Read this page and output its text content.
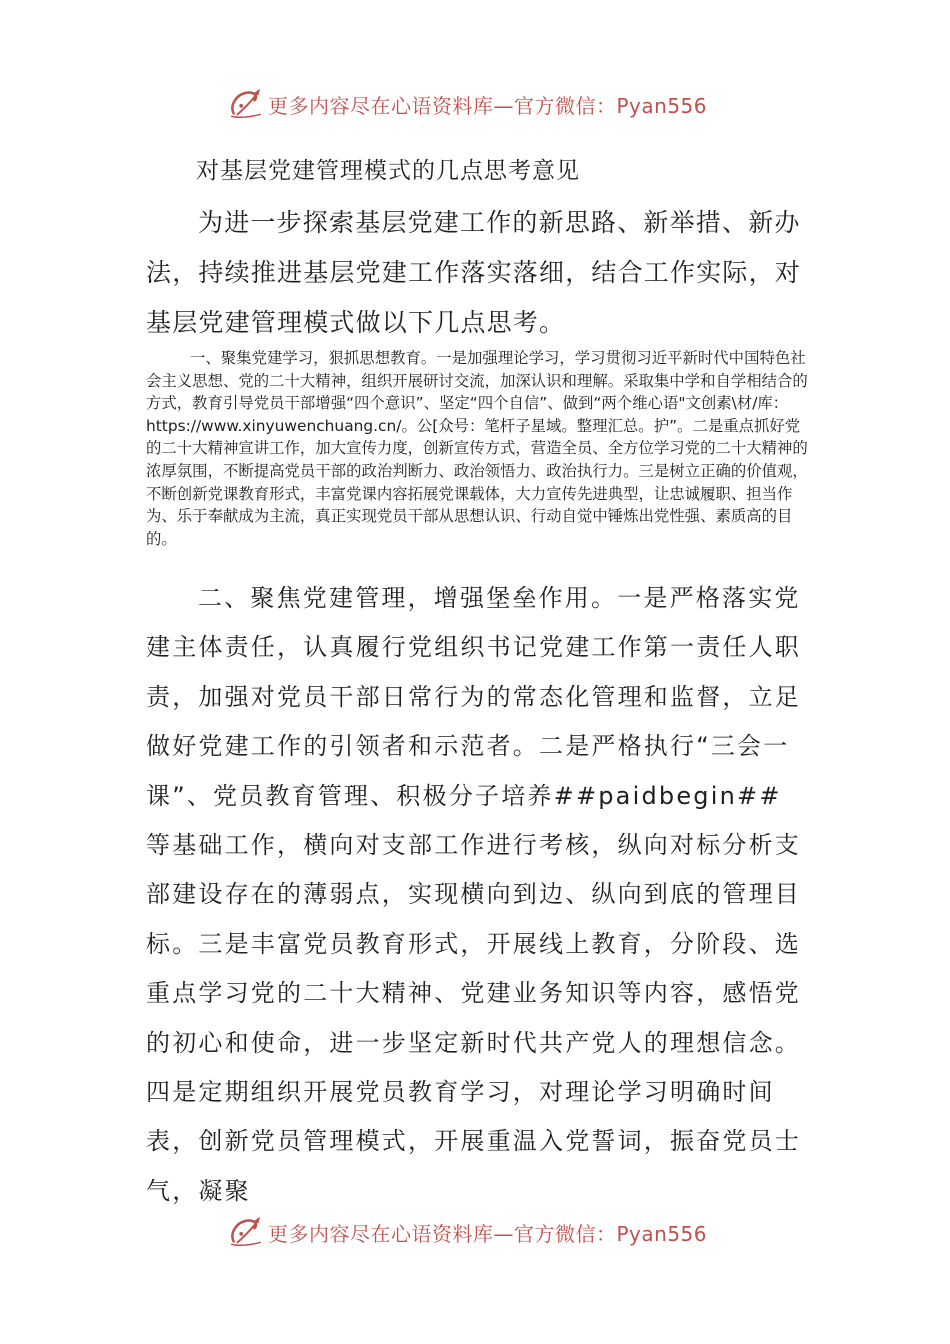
更多内容尽在心语资料库—官方微信：Pyan556
对基层党建管理模式的几点思考意见

为进一步探索基层党建工作的新思路、新举措、新办法，持续推进基层党建工作落实落细，结合工作实际，对基层党建管理模式做以下几点思考。

一、聚集党建学习，狠抓思想教育。一是加强理论学习，学习贯彻习近平新时代中国特色社会主义思想、党的二十大精神，组织开展研讨交流，加深认识和理解。采取集中学和自学相结合的方式，教育引导党员干部增强“四个意识”、坚定“四个自信”、做到“两个维心语"文创素\材/库：https://www.xinyuwenchuang.cn/。公[众号：笔杆子星域。整理汇总。护”。二是重点抓好党的二十大精神宣讲工作，加大宣传力度，创新宣传方式，营造全员、全方位学习党的二十大精神的浓厚氛围，不断提高党员干部的政治判断力、政治领悟力、政治执行力。三是树立正确的价值观，不断创新党课教育形式，丰富党课内容拓展党课载体，大力宣传先进典型，让忠诚履职、担当作为、乐于奉献成为主流，真正实现党员干部从思想认识、行动自觉中锤炼出党性强、素质高的目的。

二、聚焦党建管理，增强堡垒作用。一是严格落实党建主体责任，认真履行党组织书记党建工作第一责任人职责，加强对党员干部日常行为的常态化管理和监督，立足做好党建工作的引领者和示范者。二是严格执行“三会一课”、党员教育管理、积极分子培养##paidbegin##等基础工作，横向对支部工作进行考核，纵向对标分析支部建设存在的薄弱点，实现横向到边、纵向到底的管理目标。三是丰富党员教育形式，开展线上教育，分阶段、选重点学习党的二十大精神、党建业务知识等内容，感悟党的初心和使命，进一步坚定新时代共产党人的理想信念。四是定期组织开展党员教育学习，对理论学习明确时间表，创新党员管理模式，开展重温入党誓词，振奋党员士气，凝聚

更多内容尽在心语资料库—官方微信：Pyan556
